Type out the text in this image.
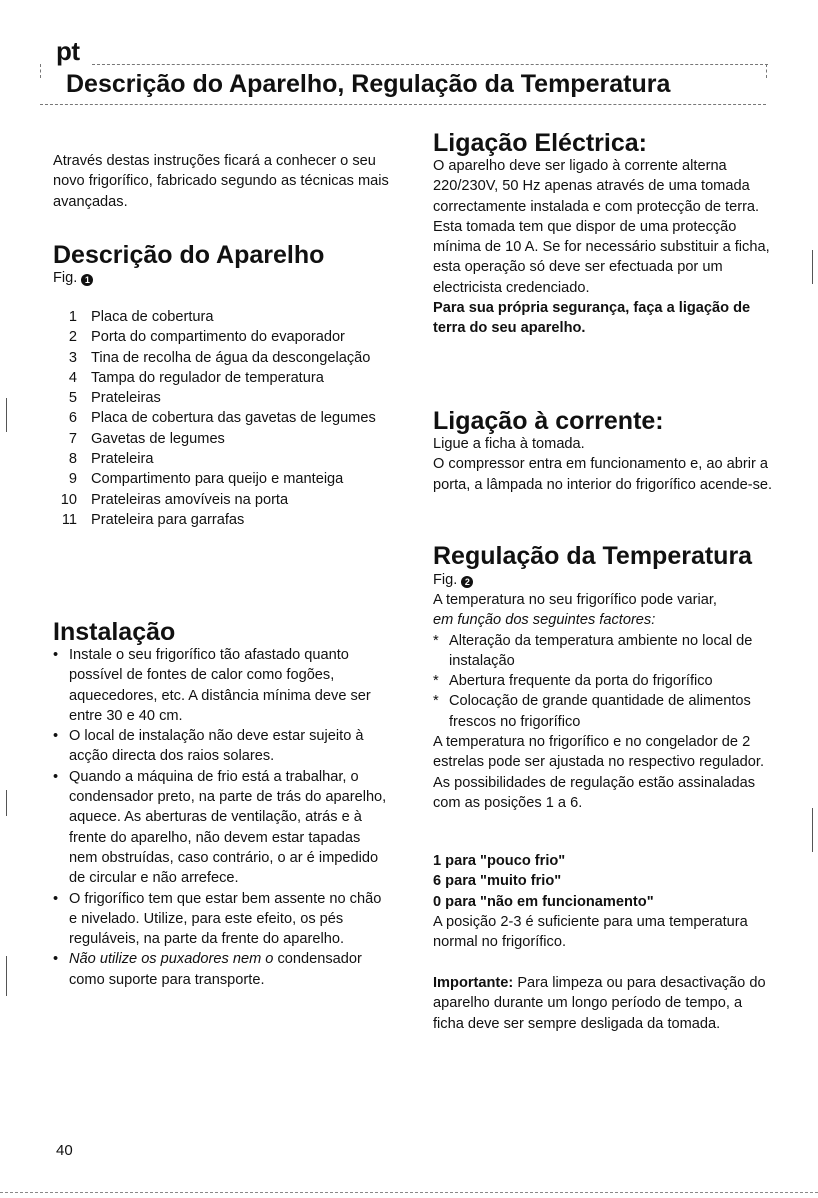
pt
Descrição do Aparelho, Regulação da Temperatura

Através destas instruções ficará a conhecer o seu novo frigorífico, fabricado segundo as técnicas mais avançadas.

Descrição do Aparelho
Fig. 1
1 Placa de cobertura
2 Porta do compartimento do evaporador
3 Tina de recolha de água da descongelação
4 Tampa do regulador de temperatura
5 Prateleiras
6 Placa de cobertura das gavetas de legumes
7 Gavetas de legumes
8 Prateleira
9 Compartimento para queijo e manteiga
10 Prateleiras amovíveis na porta
11 Prateleira para garrafas
Instalação
• Instale o seu frigorífico tão afastado quanto possível de fontes de calor como fogões, aquecedores, etc. A distância mínima deve ser entre 30 e 40 cm.
• O local de instalação não deve estar sujeito à acção directa dos raios solares.
• Quando a máquina de frio está a trabalhar, o condensador preto, na parte de trás do aparelho, aquece. As aberturas de ventilação, atrás e à frente do aparelho, não devem estar tapadas nem obstruídas, caso contrário, o ar é impedido de circular e não arrefece.
• O frigorífico tem que estar bem assente no chão e nivelado. Utilize, para este efeito, os pés reguláveis, na parte da frente do aparelho.
• Não utilize os puxadores nem o condensador como suporte para transporte.
Ligação Eléctrica:

O aparelho deve ser ligado à corrente alterna 220/230V, 50 Hz apenas através de uma tomada correctamente instalada e com protecção de terra.

Esta tomada tem que dispor de uma protecção mínima de 10 A. Se for necessário substituir a ficha, esta operação só deve ser efectuada por um electricista credenciado.

Para sua própria segurança, faça a ligação de terra do seu aparelho.

Ligação à corrente:

Ligue a ficha à tomada.

O compressor entra em funcionamento e, ao abrir a porta, a lâmpada no interior do frigorífico acende-se.

Regulação da Temperatura
Fig. 2

A temperatura no seu frigorífico pode variar,

em função dos seguintes factores:

* Alteração da temperatura ambiente no local de instalação
* Abertura frequente da porta do frigorífico
* Colocação de grande quantidade de alimentos frescos no frigorífico

A temperatura no frigorífico e no congelador de 2 estrelas pode ser ajustada no respectivo regulador. As possibilidades de regulação estão assinaladas com as posições 1 a 6.

1 para "pouco frio"

6 para "muito frio"

0 para "não em funcionamento"

A posição 2-3 é suficiente para uma temperatura normal no frigorífico.

Importante: Para limpeza ou para desactivação do aparelho durante um longo período de tempo, a ficha deve ser sempre desligada da tomada.

40
